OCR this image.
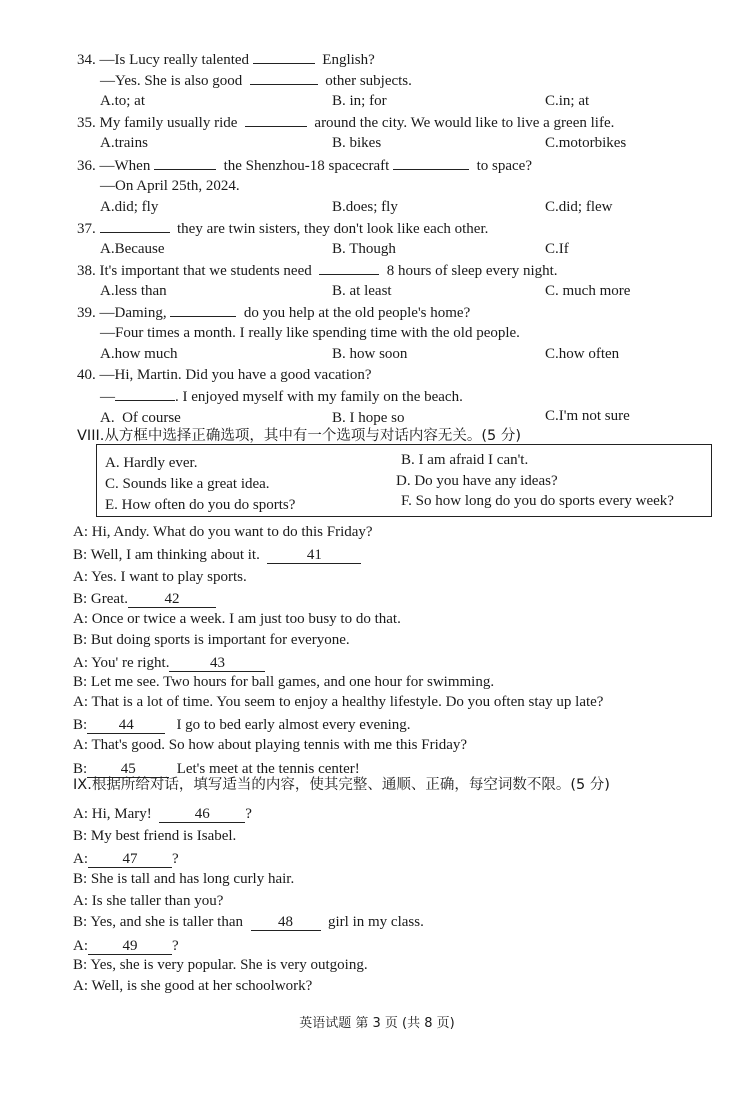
34. —Is Lucy really talented	English?
—Yes. She is also good	other subjects.
A.to; at	B. in; for	C.in; at
35. My family usually ride	around the city. We would like to live a green life.
A.trains	B. bikes	C.motorbikes
36. —When	the Shenzhou-18 spacecraft	to space?
—On April 25th, 2024.
A.did; fly	B.does; fly	C.did; flew
37.	they are twin sisters, they don't look like each other.
A.Because	B. Though	C.If
38. It's important that we students need	8 hours of sleep every night.
A.less than	B. at least	C. much more
39. —Daming,	do you help at the old people's home?
—Four times a month. I really like spending time with the old people.
A.how much	B. how soon	C.how often
40. —Hi, Martin. Did you have a good vacation?
—	. I enjoyed myself with my family on the beach.
A.  Of course	B. I hope so	C.I'm not sure
VIII.从方框中选择正确选项，其中有一个选项与对话内容无关。(5 分)
A. Hardly ever.	B. I am afraid I can't.
C. Sounds like a great idea.	D. Do you have any ideas?
E. How often do you do sports?	F. So how long do you do sports every week?
A: Hi, Andy. What do you want to do this Friday?
B: Well, I am thinking about it.	41
A: Yes. I want to play sports.
B: Great. 42
A: Once or twice a week. I am just too busy to do that.
B: But doing sports is important for everyone.
A: You' re right.	43
B: Let me see. Two hours for ball games, and one hour for swimming.
A: That is a lot of time. You seem to enjoy a healthy lifestyle. Do you often stay up late?
B: 44	I go to bed early almost every evening.
A: That's good. So how about playing tennis with me this Friday?
B: 45	Let's meet at the tennis center!
IX.根据所给对话，填写适当的内容，使其完整、通顺、正确，每空词数不限。(5 分)
A: Hi, Mary!	46 ?
B: My best friend is Isabel.
A: 47 ?
B: She is tall and has long curly hair.
A: Is she taller than you?
B: Yes, and she is taller than 48 girl in my class.
A: 49 ?
B: Yes, she is very popular. She is very outgoing.
A: Well, is she good at her schoolwork?
英语试题 第 3 页 (共 8 页)
